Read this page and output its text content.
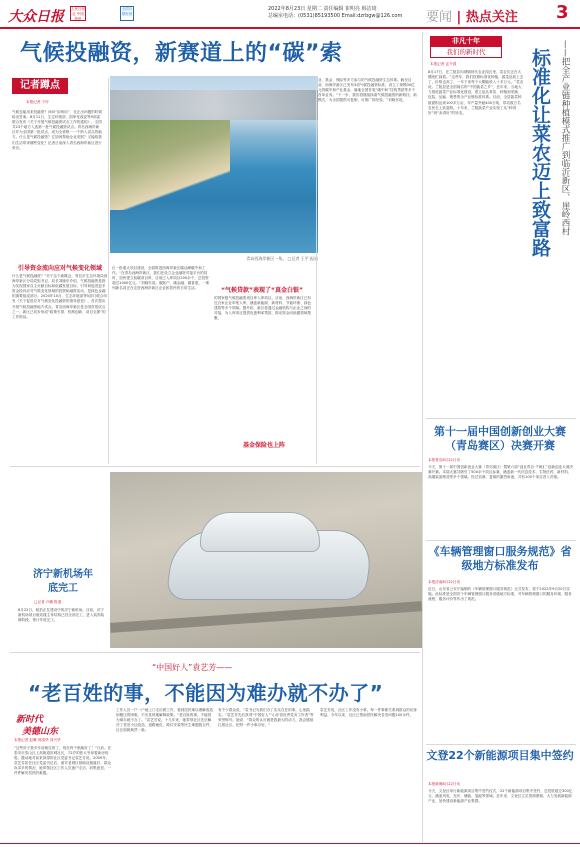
大众日报	人民日报社 中国报纸
全国百强报纸
2022年8月23日 星期二 责任编辑 崔明亮 韩洁琦
总编室电话：(0531)85193500 Email:dzrbgw@126.com 要闻 | 热点关注 3
气候投融资，新赛道上的“碳”索
记者蹲点
本报记者 于岸
气候也能用来投融资？问问“如何用”，在正出问题的时候给出答案。8月11日，生态环境部、国家发改委等9部委联合发布《关于开展气候投融资试点工作的通知》，全国共23个地方入选第一批气候投融资试点。青岛西海岸新区作为全国第一批试点，成为全省唯一一个纳入试点的地方。什么是气候投融资？它如何帮助企业发展？又能给我们生活带来哪些变化？记者日前深入青岛西海岸新区进行采访。
引导资金流向应对气候变化领域
什么是气候投融资？“对于这个新概念，青岛市生态环境局西海岸新区分局党组书记、局长刘晓东介绍，气候投融资是指为实现国家自主贡献目标和低碳发展目标，引导和促进更多资金投向应对气候变化领域的投资和融资活动，是绿色金融的重要组成部分。2020年10月，生态环境部等5部门联合印发《关于促进应对气候变化投融资的指导意见》，首次提出开展气候投融资地方试点。青岛西海岸新区是全国首批试点之一，新区已初步形成“政策引领、机制创新、项目支撑”的工作格局。
青岛西海岸新区一角。 □记者 王平 报道
区一批重大项目建设，全面推进西海岸新区碳达峰碳中和工作。“在青岛西海岸新区，我们在设立企业融资对接平台的同时，加快建立低碳项目库，目前已入库项目200余个，总投资超过1000亿元。”刘晓东说。碳账户、碳金融、碳普惠，一系列新名词正在走进西海岸新区企业和居民的日常生活。	“气候贷款”表现了“真金白银”
的国家级气候投融资项目库入库项目。目前，西海岸新区已有近百家企业申报入库，涵盖新能源、新材料、节能环保、绿色建筑等多个领域。据介绍，新区将通过金融机构与企业之间的对接，为入库项目提供优惠利率贷款，推动资金向低碳领域集聚。
基金保险也上阵
业、基金、保险等多方参与的气候投融资生态体系。截至目前，西海岸新区已发布3项气候投融资标准，设立了规模30亿元的碳中和产业基金，落地全国首笔“碳中和”挂钩贷款等多个首单业务。“下一步，我们将继续探索气候投融资的新路径、新模式，为全国提供可复制、可推广的经验。”刘晓东说。
非凡十年
我们的新时代	标准化让菜农迈上致富路 ——把全产业链种植模式推广到临沂新区、崖岭西村
本报记者 孟令国
8月17日，在兰陵县向城镇现代农业园区里，菜农们正在大棚里忙碌着。“这些年，我们按照标准化种植，蔬菜品质上去了，价格也高了，一年下来每个大棚能收入十多万元。”菜农说。兰陵县是全国闻名的“中国蔬菜之乡”，近年来，当地大力推进蔬菜产业标准化建设，建立起从育苗、种植到采摘、包装、运输、销售的全产业链标准体系。目前，全县蔬菜种植面积达到100多万亩，年产量突破400万吨，带动数万名农民走上致富路。十年来，兰陵蔬菜产业实现了从“种得好”到“卖得好”的转变。
第十一届中国创新创业大赛（青岛赛区）决赛开赛
本报青岛8月22日讯
今天，第十一届中国创新创业大赛（青岛赛区）暨第六届“创业青岛·千帆汇”创新创业大赛决赛开赛。本届大赛共吸引了500余个项目参赛，涵盖新一代信息技术、生物医药、新材料、高端装备制造等多个领域。经过初赛、复赛的激烈角逐，共有100个项目进入决赛。
《车辆管理窗口服务规范》省级地方标准发布
本报济南8月22日讯
近日，山东省公安厅编制的《车辆管理窗口服务规范》正式发布，将于2022年9月20日实施。此标准是全国首个车辆管理窗口服务省级地方标准，对车辆管理窗口的服务环境、服务流程、服务评价等作出了规范。
文登22个新能源项目集中签约
本报威海8月22日讯
今天，文登区举行新能源项目集中签约仪式，22个新能源项目集中签约，总投资超过300亿元，涵盖风电、光伏、储能、氢能等领域。近年来，文登区立足资源禀赋，大力发展新能源产业，加快建设新能源产业集群。
济宁新机场年底完工
□记者 卢鹏 报道
8月22日，航拍正在建设中的济宁新机场。目前，济宁新机场项目航站楼主体结构已经全部完工，进入装饰装修阶段，预计年底完工。
“中国好人”袁艺芳——
“老百姓的事，不能因为难办就不办了”
新时代
美德山东
本报记者 赵琳 郭清华 刘兴华
“这些房子我多年前就住的了，现在终于都换好了！”日前，在泰安市泰山区上高街道旧城社区，72岁的张大爷拿着新房钥匙，激动地对前来探望的社区党委书记袁艺芳说。2009年，袁艺芳担任社区党委书记后，面对老城区基础设施落后、群众诉求多的情况，她带领社区工作人员逐户走访、收集意见，一件件解决居民的难题。
工作人员一户一户地上门走访做工作，看到居民难以理解改造和搬迁的困难，不厌其烦地解释政策。“老百姓的事，不能因为难办就不办了。”袁艺芳说。十几年来，她带领社区先后解决了老旧小区改造、道路硬化、路灯安装等民生难题数百件，社区面貌焕然一新。
有不少群众说，“袁书记为我们办了实实在在的事，心里踏实。”袁艺芳先后获得“中国好人”“山东省优秀党务工作者”等荣誉称号。她说：“群众的认可就是我最大的动力，我会继续扎根社区，把每一件小事办好。”
袁艺芳说，社区工作没有小事，每一件事都关系到群众的切身利益。今年以来，社区已帮助居民解决各类问题100余件。
